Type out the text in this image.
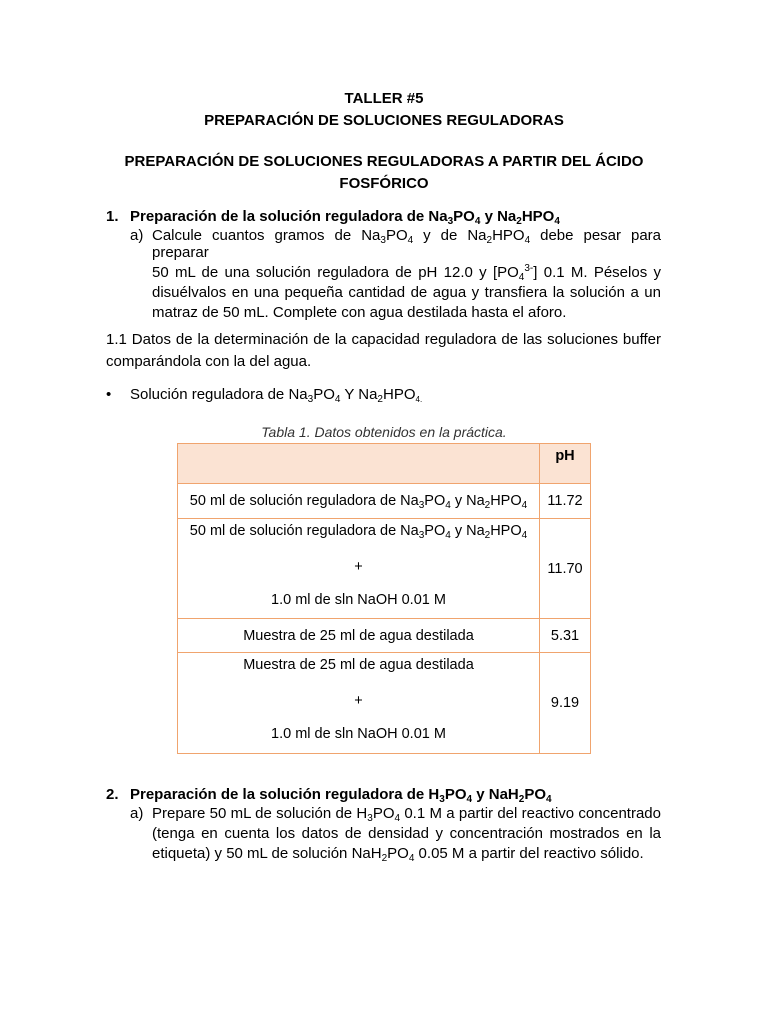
TALLER #5
PREPARACIÓN DE SOLUCIONES REGULADORAS
PREPARACIÓN DE SOLUCIONES REGULADORAS A PARTIR DEL ÁCIDO
FOSFÓRICO
1. Preparación de la solución reguladora de $Na_3PO_4$ y $Na_2HPO_4$
a) Calcule cuantos gramos de $Na_3PO_4$ y de $Na_2HPO_4$ debe pesar para preparar
50 mL de una solución reguladora de pH 12.0 y $[PO_4^{3-}]$ 0.1 M. Péselos y
disuélvalos en una pequeña cantidad de agua y transfiera la solución a un
matraz de 50 mL. Complete con agua destilada hasta el aforo.
1.1 Datos de la determinación de la capacidad reguladora de las soluciones buffer
comparándola con la del agua.
• Solución reguladora de $Na_3PO_4$ Y $Na_2HPO_{4.}$
Tabla 1. Datos obtenidos en la práctica.
	pH
50 ml de solución reguladora de $Na_3PO_4$ y $Na_2HPO_4$	11.72

50 ml de solución reguladora de $Na_3PO_4$ y $Na_2HPO_4$
+
1.0 ml de sln NaOH 0.01 M	11.70
Muestra de 25 ml de agua destilada	5.31

Muestra de 25 ml de agua destilada
+
1.0 ml de sln NaOH 0.01 M	9.19
2. Preparación de la solución reguladora de $H_3PO_4$ y $NaH_2PO_4$
a) Prepare 50 mL de solución de $H_3PO_4$ 0.1 M a partir del reactivo concentrado
(tenga en cuenta los datos de densidad y concentración mostrados en la
etiqueta) y 50 mL de solución $NaH_2PO_4$ 0.05 M a partir del reactivo sólido.
